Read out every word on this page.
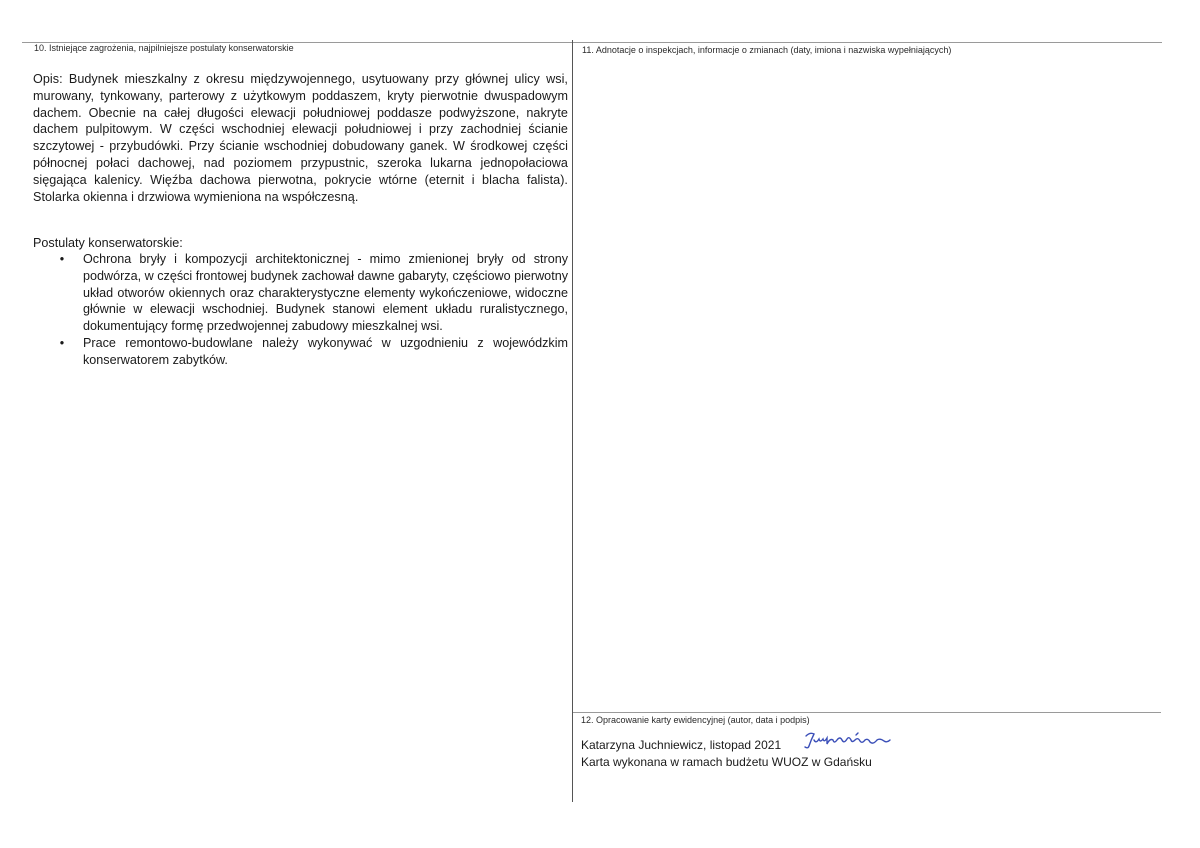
10. Istniejące zagrożenia, najpilniejsze postulaty konserwatorskie	11. Adnotacje o inspekcjach, informacje o zmianach (daty, imiona i nazwiska wypełniających)
Opis: Budynek mieszkalny z okresu międzywojennego, usytuowany przy głównej ulicy wsi, murowany, tynkowany, parterowy z użytkowym poddaszem, kryty pierwotnie dwuspadowym dachem. Obecnie na całej długości elewacji południowej poddasze podwyższone, nakryte dachem pulpitowym. W części wschodniej elewacji południowej i przy zachodniej ścianie szczytowej - przybudówki. Przy ścianie wschodniej dobudowany ganek. W środkowej części północnej połaci dachowej, nad poziomem przypustnic, szeroka lukarna jednopołaciowa sięgająca kalenicy. Więźba dachowa pierwotna, pokrycie wtórne (eternit i blacha falista). Stolarka okienna i drzwiowa wymieniona na współczesną.
Postulaty konserwatorskie:
• Ochrona bryły i kompozycji architektonicznej - mimo zmienionej bryły od strony podwórza, w części frontowej budynek zachował dawne gabaryty, częściowo pierwotny układ otworów okiennych oraz charakterystyczne elementy wykończeniowe, widoczne głównie w elewacji wschodniej. Budynek stanowi element układu ruralistycznego, dokumentujący formę przedwojennej zabudowy mieszkalnej wsi.
• Prace remontowo-budowlane należy wykonywać w uzgodnieniu z wojewódzkim konserwatorem zabytków.
12. Opracowanie karty ewidencyjnej (autor, data i podpis)
Katarzyna Juchniewicz, listopad 2021
Karta wykonana w ramach budżetu WUOZ w Gdańsku
